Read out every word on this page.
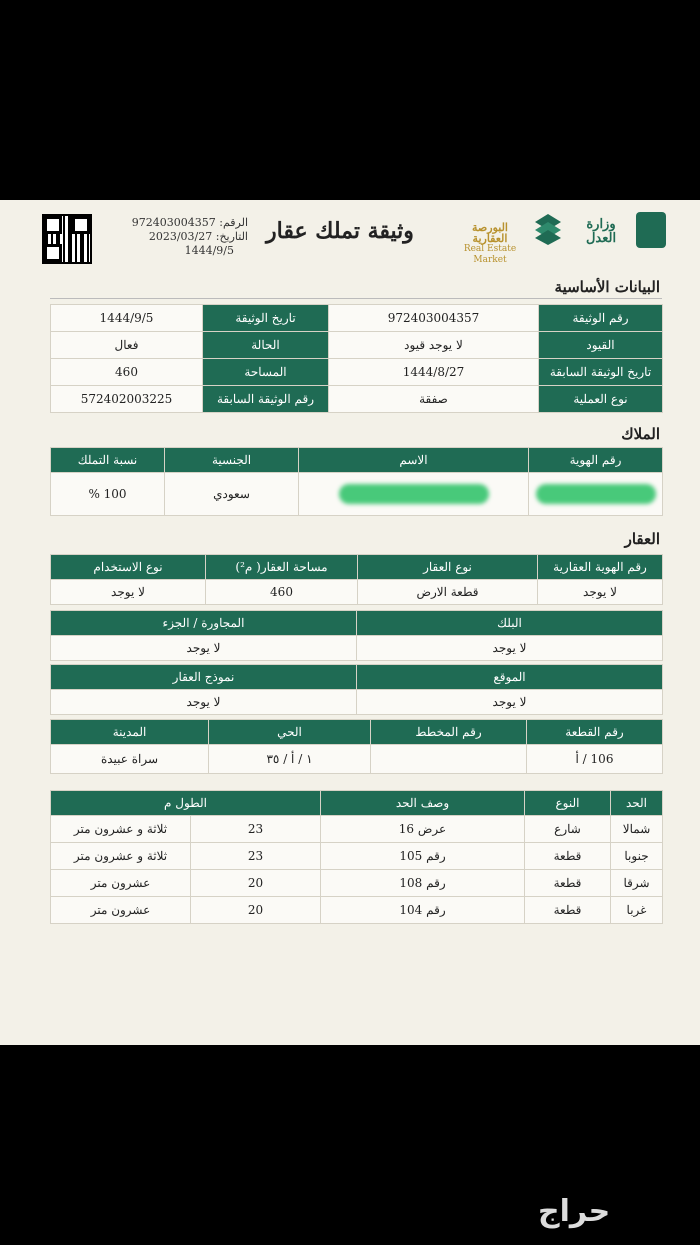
وزارة العدل
البورصة العقارية
Real Estate Market
وثيقة تملك عقار
الرقم: 972403004357
التاريخ: 2023/03/27
1444/9/5
البيانات الأساسية
رقم الوثيقة	972403004357	تاريخ الوثيقة	1444/9/5
القيود	لا يوجد قيود	الحالة	فعال
تاريخ الوثيقة السابقة	1444/8/27	المساحة	460
نوع العملية	صفقة	رقم الوثيقة السابقة	572402003225
الملاك
رقم الهوية	الاسم	الجنسية	نسبة التملك
		سعودي	100 %
العقار
رقم الهوية العقارية	نوع العقار	مساحة العقار( م²)	نوع الاستخدام
لا يوجد	قطعة الارض	460	لا يوجد
البلك	المجاورة / الجزء
لا يوجد	لا يوجد
الموقع	نموذج العقار
لا يوجد	لا يوجد
رقم القطعة	رقم المخطط	الحي	المدينة
106 / أ		١ / أ / ٣٥	سراة عبيدة
الحد	النوع	وصف الحد	الطول م	
شمالا	شارع	عرض 16	23	ثلاثة و عشرون متر
جنوبا	قطعة	رقم 105	23	ثلاثة و عشرون متر
شرقا	قطعة	رقم 108	20	عشرون متر
غربا	قطعة	رقم 104	20	عشرون متر
حراج
